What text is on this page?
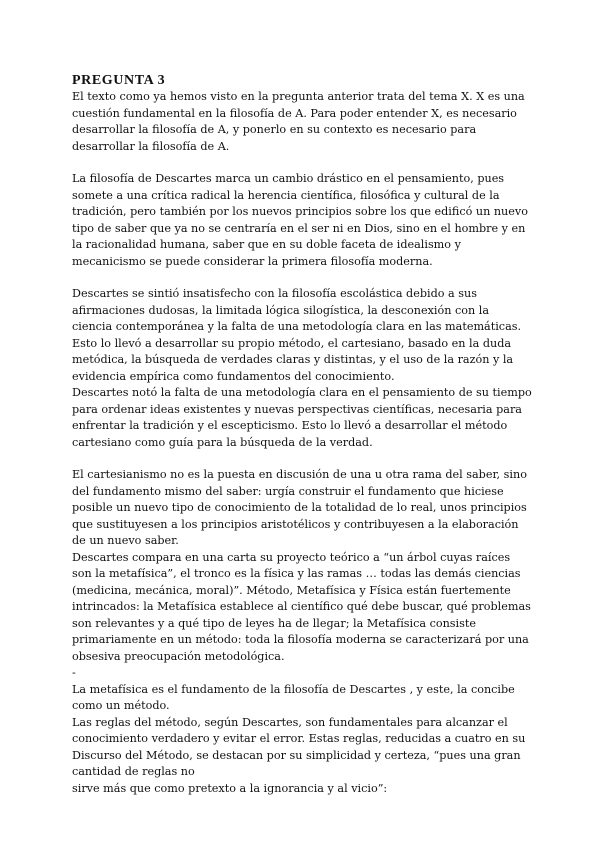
PREGUNTA 3

El texto como ya hemos visto en la pregunta anterior trata del tema X. X es una cuestión fundamental en la filosofía de A. Para poder entender X, es necesario desarrollar la filosofía de A, y ponerlo en su contexto es necesario para desarrollar la filosofía de A.

La filosofía de Descartes marca un cambio drástico en el pensamiento, pues somete a una crítica radical la herencia científica, filosófica y cultural de la tradición, pero también por los nuevos principios sobre los que edificó un nuevo tipo de saber que ya no se centraría en el ser ni en Dios, sino en el hombre y en la racionalidad humana, saber que en su doble faceta de idealismo y mecanicismo se puede considerar la primera filosofía moderna.

Descartes se sintió insatisfecho con la filosofía escolástica debido a sus afirmaciones dudosas, la limitada lógica silogística, la desconexión con la ciencia contemporánea y la falta de una metodología clara en las matemáticas. Esto lo llevó a desarrollar su propio método, el cartesiano, basado en la duda metódica, la búsqueda de verdades claras y distintas, y el uso de la razón y la evidencia empírica como fundamentos del conocimiento.

Descartes notó la falta de una metodología clara en el pensamiento de su tiempo para ordenar ideas existentes y nuevas perspectivas científicas, necesaria para enfrentar la tradición y el escepticismo. Esto lo llevó a desarrollar el método cartesiano como guía para la búsqueda de la verdad.

El cartesianismo no es la puesta en discusión de una u otra rama del saber, sino del fundamento mismo del saber: urgía construir el fundamento que hiciese posible un nuevo tipo de conocimiento de la totalidad de lo real, unos principios que sustituyesen a los principios aristotélicos y contribuyesen a la elaboración de un nuevo saber.

Descartes compara en una carta su proyecto teórico a “un árbol cuyas raíces son la metafísica”, el tronco es la física y las ramas … todas las demás ciencias (medicina, mecánica, moral)”. Método, Metafísica y Física están fuertemente intrincados: la Metafísica establece al científico qué debe buscar, qué problemas son relevantes y a qué tipo de leyes ha de llegar; la Metafísica consiste primariamente en un método: toda la filosofía moderna se caracterizará por una obsesiva preocupación metodológica.

-

La metafísica es el fundamento de la filosofía de Descartes , y este, la concibe como un método.

Las reglas del método, según Descartes, son fundamentales para alcanzar el conocimiento verdadero y evitar el error. Estas reglas, reducidas a cuatro en su Discurso del Método, se destacan por su simplicidad y certeza, “pues una gran cantidad de reglas no

sirve más que como pretexto a la ignorancia y al vicio”:
